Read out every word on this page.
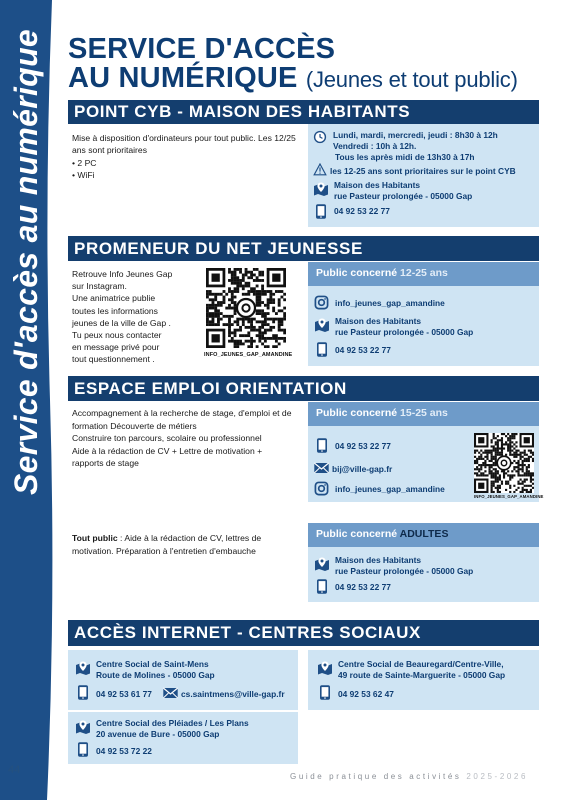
Service d'accès au numérique SERVICE D'ACCÈS
AU NUMÉRIQUE (Jeunes et tout public)
POINT CYB - MAISON DES HABITANTS

Mise à disposition d'ordinateurs pour tout public. Les 12/25 ans sont prioritaires

• 2 PC

• WiFi

Lundi, mardi, mercredi, jeudi : 8h30 à 12h
Vendredi : 10h à 12h.
Tous les après midi de 13h30 à 17h
les 12-25 ans sont prioritaires sur le point CYB
Maison des Habitants
rue Pasteur prolongée - 05000 Gap
04 92 53 22 77
PROMENEUR DU NET JEUNESSE

Retrouve Info Jeunes Gap

sur Instagram.

Une animatrice publie

toutes les informations

jeunes de la ville de Gap .

Tu peux nous contacter

en message privé pour

tout questionnement .	INFO_JEUNES_GAP_AMANDINE
Public concerné 12-25 ans
info_jeunes_gap_amandine
Maison des Habitants
rue Pasteur prolongée - 05000 Gap
04 92 53 22 77
ESPACE EMPLOI ORIENTATION

Accompagnement à la recherche de stage, d'emploi et de

formation Découverte de métiers

Construire ton parcours, scolaire ou professionnel

Aide à la rédaction de CV + Lettre de motivation +

rapports de stage

Public concerné 15-25 ans
04 92 53 22 77
bij@ville-gap.fr
info_jeunes_gap_amandine
INFO_JEUNES_GAP_AMANDINE

Tout public : Aide à la rédaction de CV, lettres de

motivation. Préparation à l'entretien d'embauche

Public concerné ADULTES
Maison des Habitants
rue Pasteur prolongée - 05000 Gap
04 92 53 22 77
ACCÈS INTERNET - CENTRES SOCIAUX
Centre Social de Saint-Mens
Route de Molines - 05000 Gap
04 92 53 61 77	cs.saintmens@ville-gap.fr
Centre Social de Beauregard/Centre-Ville,
49 route de Sainte-Marguerite - 05000 Gap
04 92 53 62 47
Centre Social des Pléiades / Les Plans
20 avenue de Bure - 05000 Gap
04 92 53 72 22
44
Guide pratique des activités 2025-2026
